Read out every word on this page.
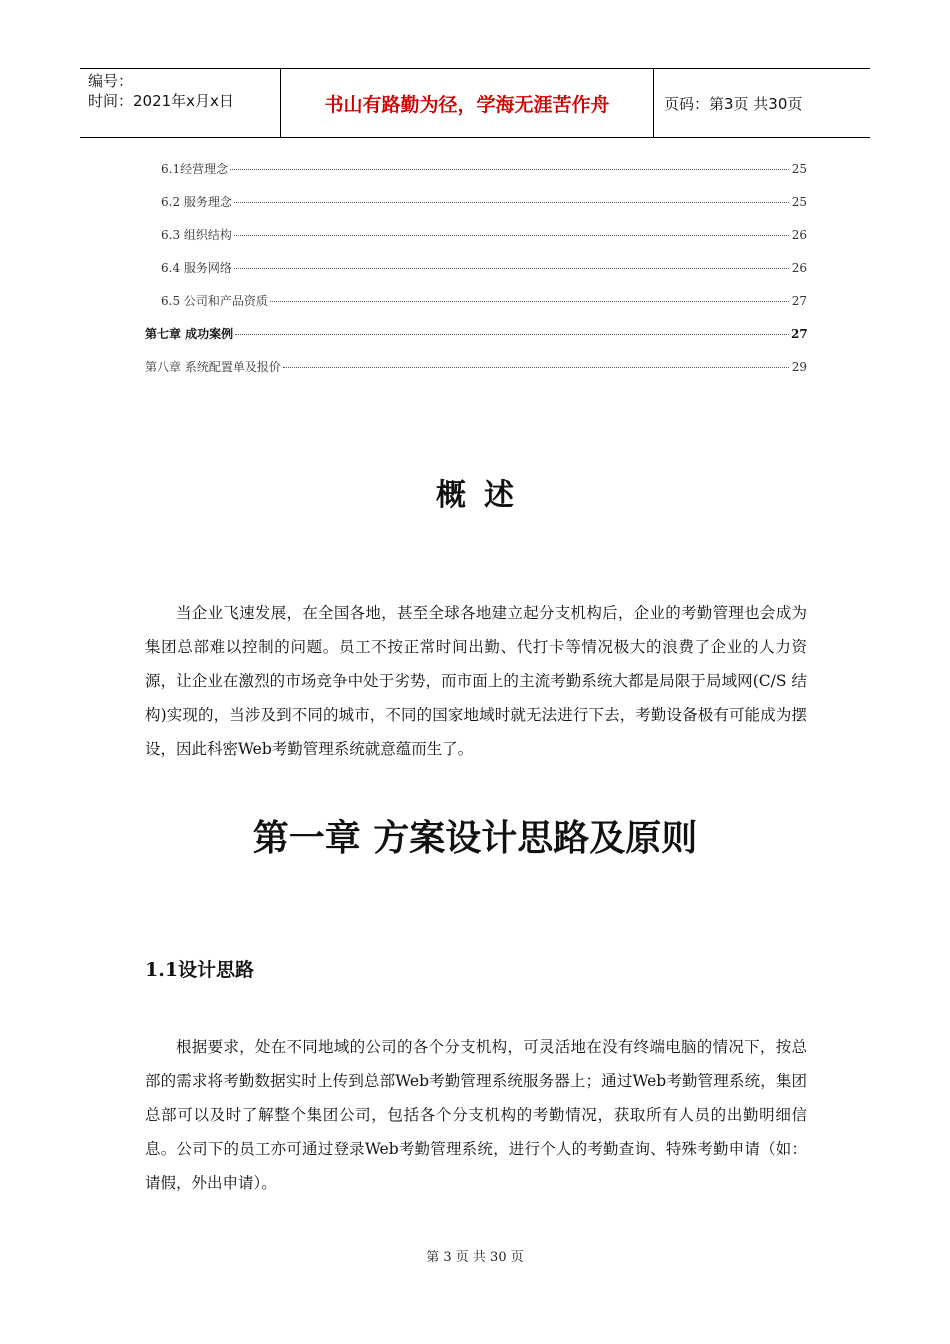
编号：
时间：2021年x月x日	书山有路勤为径，学海无涯苦作舟	页码：第3页 共30页
6.1经营理念	25
6.2 服务理念	25
6.3 组织结构	26
6.4 服务网络	26
6.5 公司和产品资质	27
第七章 成功案例	27
第八章 系统配置单及报价	29
概述

当企业飞速发展，在全国各地，甚至全球各地建立起分支机构后，企业的考勤管理也会成为集团总部难以控制的问题。员工不按正常时间出勤、代打卡等情况极大的浪费了企业的人力资源，让企业在激烈的市场竞争中处于劣势，而市面上的主流考勤系统大都是局限于局域网(C/S 结构)实现的，当涉及到不同的城市，不同的国家地域时就无法进行下去，考勤设备极有可能成为摆设，因此科密Web考勤管理系统就意蕴而生了。

第一章 方案设计思路及原则
1.1设计思路

根据要求，处在不同地域的公司的各个分支机构，可灵活地在没有终端电脑的情况下，按总部的需求将考勤数据实时上传到总部Web考勤管理系统服务器上；通过Web考勤管理系统，集团总部可以及时了解整个集团公司，包括各个分支机构的考勤情况，获取所有人员的出勤明细信息。公司下的员工亦可通过登录Web考勤管理系统，进行个人的考勤查询、特殊考勤申请（如：请假，外出申请）。

第 3 页 共 30 页
